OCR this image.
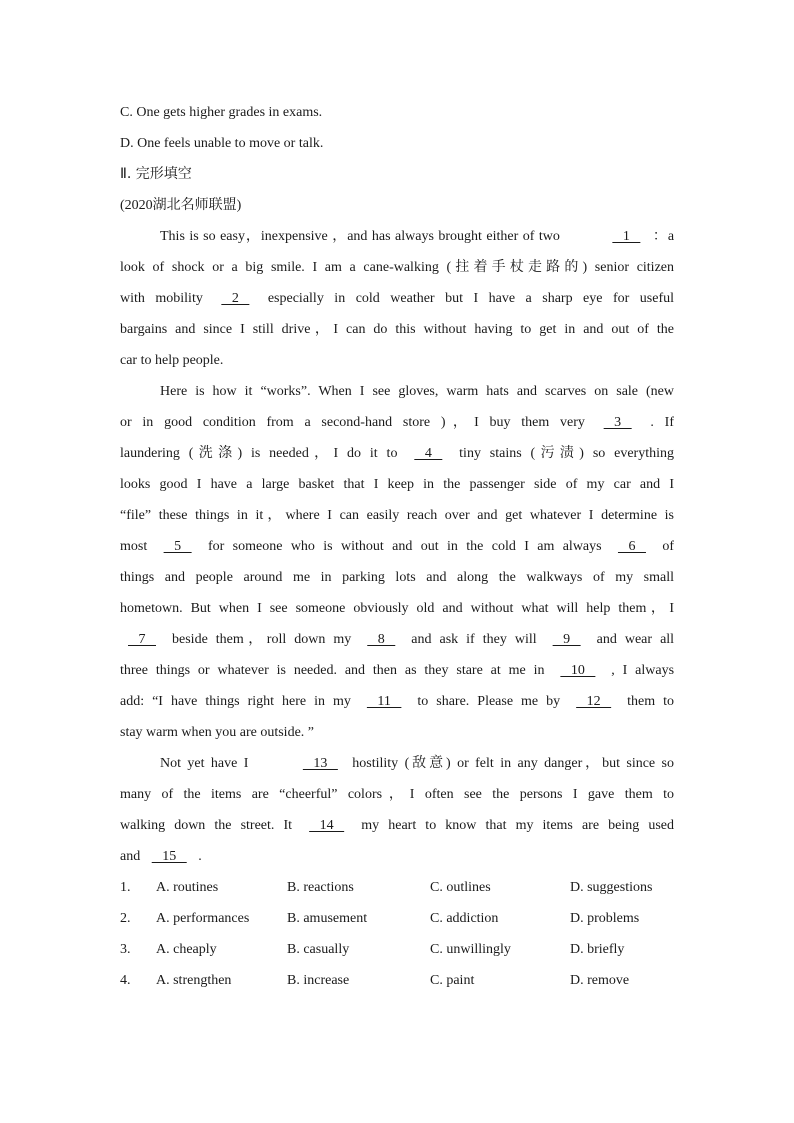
C. One gets higher grades in exams.
D. One feels unable to move or talk.
Ⅱ. 完形填空
(2020湖北名师联盟)
This is so easy，inexpensive ，and has always brought either of two	1    ：a
look of shock or a big smile. I am a cane-walking (拄着手杖走路的) senior citizen
with mobility    2    especially in cold weather but I have a sharp eye for useful
bargains and since I still drive，I can do this without having to get in and out of the
car to help people.
Here is how it “works”. When I see gloves, warm hats and scarves on sale (new
or in good condition from a second-hand store )，I buy them very    3    . If
laundering (洗涤) is needed，I do it to    4    tiny stains (污渍) so everything
looks good I have a large basket that I keep in the passenger side of my car and I
“file” these things in it，where I can easily reach over and get whatever I determine is
most    5    for someone who is without and out in the cold I am always    6    of
things and people around me in parking lots and along the walkways of my small
hometown. But when I see someone obviously old and without what will help them，I
7    beside them，roll down my    8    and ask if they will    9    and wear all
three things or whatever is needed. and then as they stare at me in    10    , I always
add: “I have things right here in my    11    to share. Please me by    12    them to
stay warm when you are outside. ”
Not yet have I	13    hostility (敌意) or felt in any danger，but since so
many of the items are “cheerful” colors，I often see the persons I gave them to
walking down the street. It    14    my heart to know that my items are being used
and    15    .
1.	A. routines	B. reactions	C. outlines	D. suggestions
2.	A. performances	B. amusement	C. addiction	D. problems
3.	A. cheaply	B. casually	C. unwillingly	D. briefly
4.	A. strengthen	B. increase	C. paint	D. remove
